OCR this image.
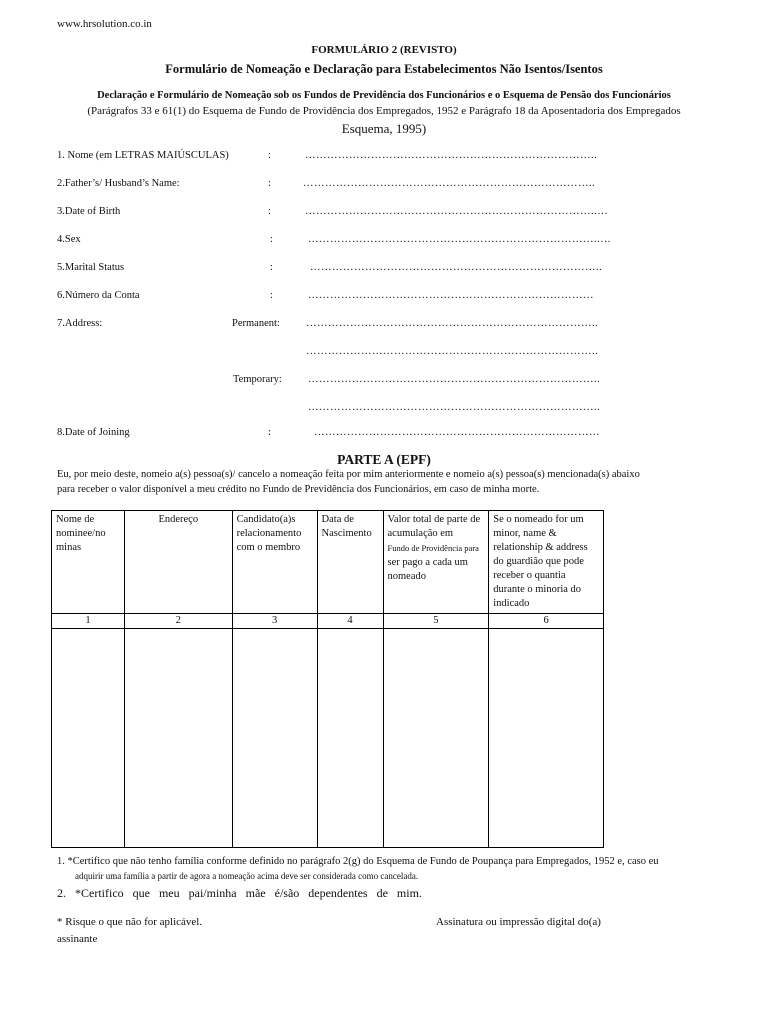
www.hrsolution.co.in
FORMULÁRIO 2 (REVISTO)
Formulário de Nomeação e Declaração para Estabelecimentos Não Isentos/Isentos
Declaração e Formulário de Nomeação sob os Fundos de Previdência dos Funcionários e o Esquema de Pensão dos Funcionários
(Parágrafos 33 e 61(1) do Esquema de Fundo de Providência dos Empregados, 1952 e Parágrafo 18 da Aposentadoria dos Empregados
Esquema, 1995)
1. Nome (em LETRAS MAIÚSCULAS)	:	……………………………………………………………………..
2.Father’s/ Husband’s Name:	:	……………………………………………………………………..
3.Date of Birth	:	……………………………………………………………………..…
4.Sex	:	……………………………………………………………………..…
5.Marital Status	:	……………………………………………………………………..
6.Número da Conta	:	……………………………………………………………………
7.Address:	Permanent: ……………………………………………………………………..
……………………………………………………………………..
Temporary: ……………………………………………………………………..
……………………………………………………………………..
8.Date of Joining	:	……………………………………………………………………
PARTE A (EPF)
Eu, por meio deste, nomeio a(s) pessoa(s)/ cancelo a nomeação feita por mim anteriormente e nomeio a(s) pessoa(s) mencionada(s) abaixo para receber o valor disponível a meu crédito no Fundo de Previdência dos Funcionários, em caso de minha morte.
Nome de nominee/no minas	Endereço	Candidato(a)s relacionamento com o membro	Data de Nascimento	Valor total de parte de acumulação em
Fundo de Providência para
ser pago a cada um nomeado	Se o nomeado for um minor, name & relationship & address do guardião que pode receber o quantia durante o minoria do indicado
1	2	3	4	5	6

1. *Certifico que não tenho família conforme definido no parágrafo 2(g) do Esquema de Fundo de Poupança para Empregados, 1952 e, caso eu
adquirir uma família a partir de agora a nomeação acima deve ser considerada como cancelada.
2. *Certifico que meu pai/minha mãe é/são dependentes de mim.
* Risque o que não for aplicável.	Assinatura ou impressão digital do(a)
assinante
